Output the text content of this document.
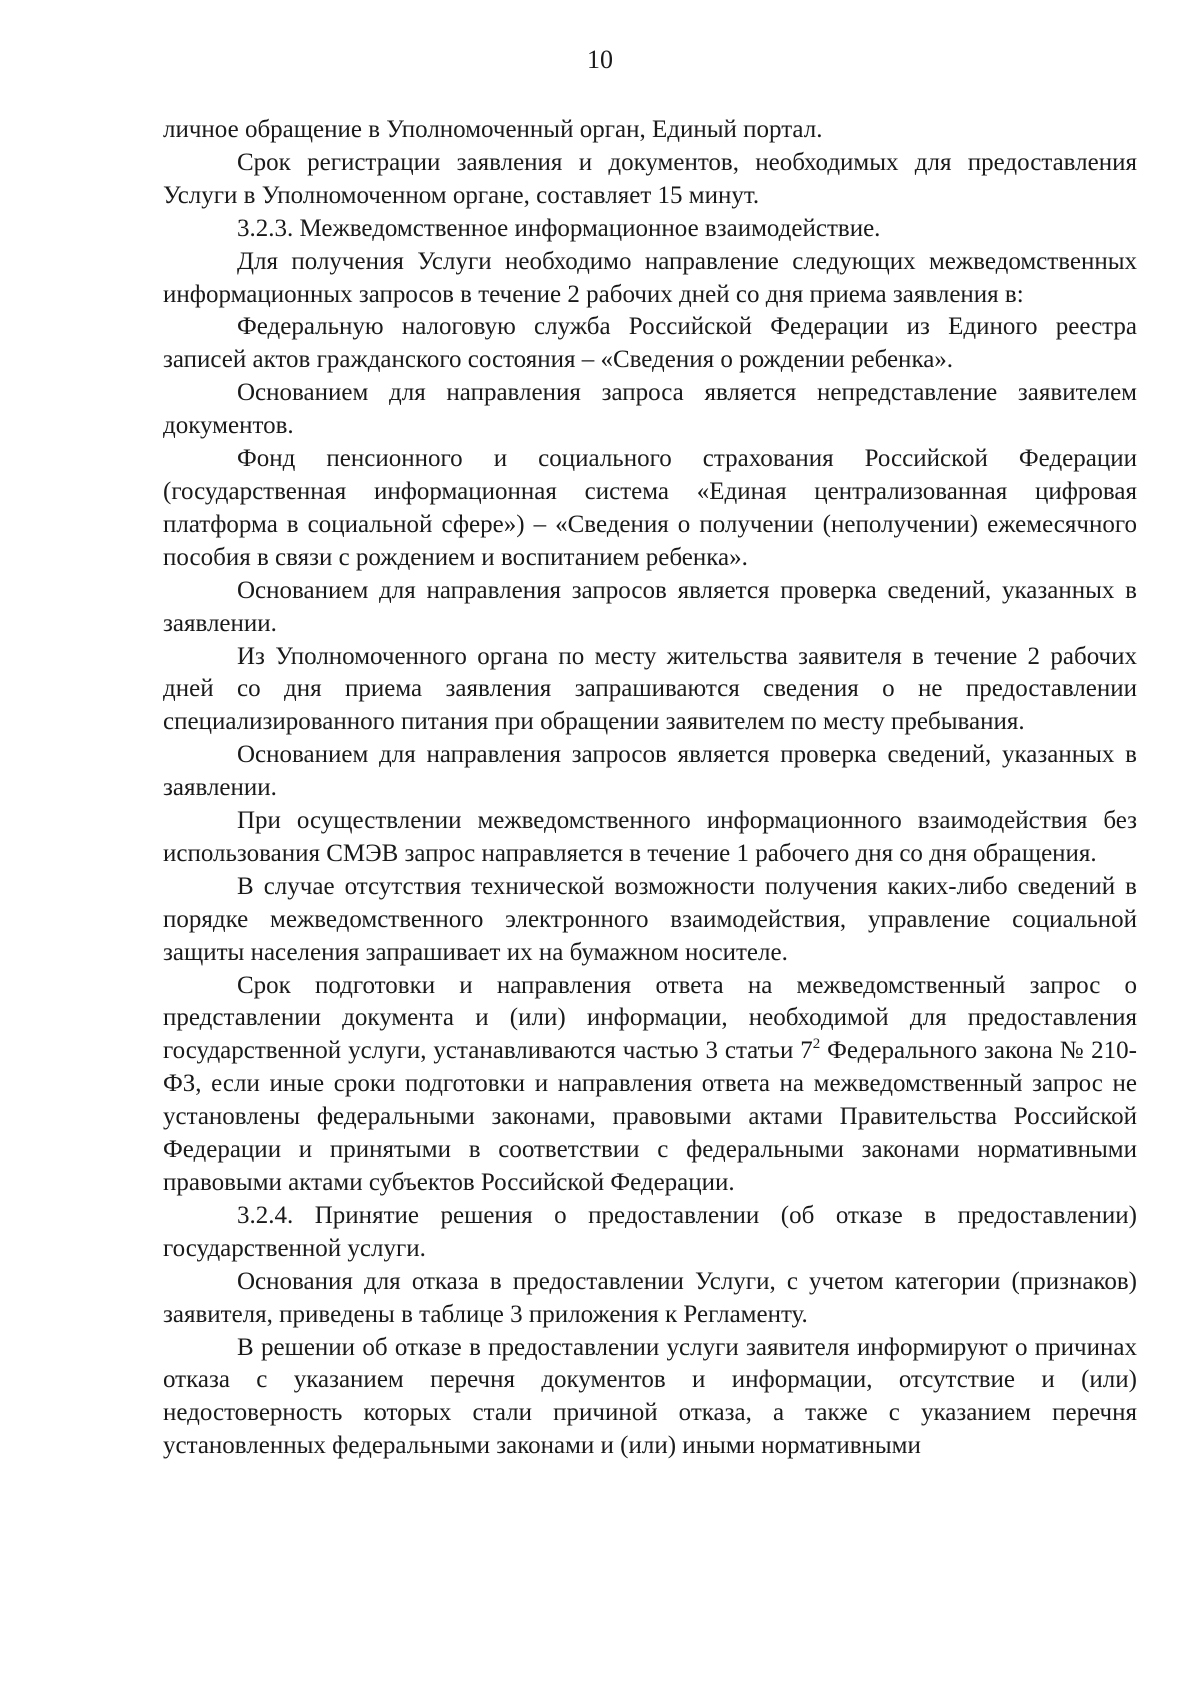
10

личное обращение в Уполномоченный орган, Единый портал.

Срок регистрации заявления и документов, необходимых для предоставления Услуги в Уполномоченном органе, составляет 15 минут.

3.2.3. Межведомственное информационное взаимодействие.

Для получения Услуги необходимо направление следующих межведомственных информационных запросов в течение 2 рабочих дней со дня приема заявления в:

Федеральную налоговую служба Российской Федерации из Единого реестра записей актов гражданского состояния – «Сведения о рождении ребенка».

Основанием для направления запроса является непредставление заявителем документов.

Фонд пенсионного и социального страхования Российской Федерации (государственная информационная система «Единая централизованная цифровая платформа в социальной сфере») – «Сведения о получении (неполучении) ежемесячного пособия в связи с рождением и воспитанием ребенка».

Основанием для направления запросов является проверка сведений, указанных в заявлении.

Из Уполномоченного органа по месту жительства заявителя в течение 2 рабочих дней со дня приема заявления запрашиваются сведения о не предоставлении специализированного питания при обращении заявителем по месту пребывания.

Основанием для направления запросов является проверка сведений, указанных в заявлении.

При осуществлении межведомственного информационного взаимодействия без использования СМЭВ запрос направляется в течение 1 рабочего дня со дня обращения.

В случае отсутствия технической возможности получения каких-либо сведений в порядке межведомственного электронного взаимодействия, управление социальной защиты населения запрашивает их на бумажном носителе.

Срок подготовки и направления ответа на межведомственный запрос о представлении документа и (или) информации, необходимой для предоставления государственной услуги, устанавливаются частью 3 статьи $7^2$ Федерального закона № 210-ФЗ, если иные сроки подготовки и направления ответа на межведомственный запрос не установлены федеральными законами, правовыми актами Правительства Российской Федерации и принятыми в соответствии с федеральными законами нормативными правовыми актами субъектов Российской Федерации.

3.2.4. Принятие решения о предоставлении (об отказе в предоставлении) государственной услуги.

Основания для отказа в предоставлении Услуги, с учетом категории (признаков) заявителя, приведены в таблице 3 приложения к Регламенту.

В решении об отказе в предоставлении услуги заявителя информируют о причинах отказа с указанием перечня документов и информации, отсутствие и (или) недостоверность которых стали причиной отказа, а также с указанием перечня установленных федеральными законами и (или) иными нормативными
